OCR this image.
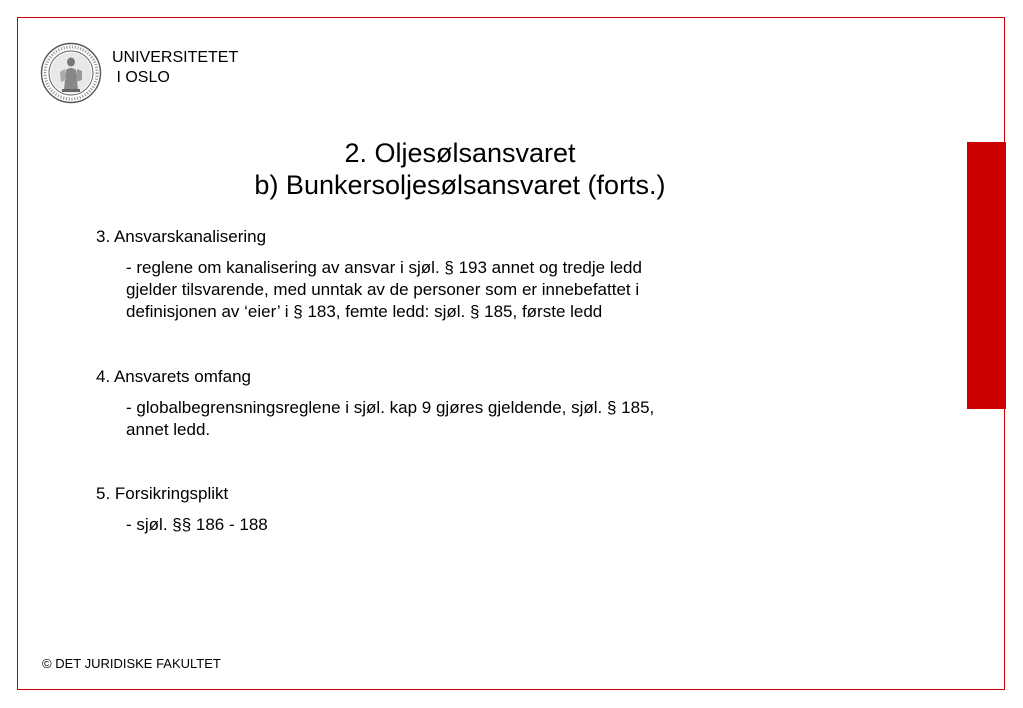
UNIVERSITETET
I OSLO
2. Oljesølsansvaret
b) Bunkersoljesølsansvaret (forts.)

3. Ansvarskanalisering

- reglene om kanalisering av ansvar i sjøl. § 193 annet og tredje ledd
gjelder tilsvarende, med unntak av de personer som er innebefattet i
definisjonen av ‘eier’ i § 183, femte ledd: sjøl. § 185, første ledd

4. Ansvarets omfang

- globalbegrensningsreglene i sjøl. kap 9 gjøres gjeldende, sjøl. § 185,
annet ledd.

5. Forsikringsplikt

- sjøl. §§ 186 - 188

© DET JURIDISKE FAKULTET
